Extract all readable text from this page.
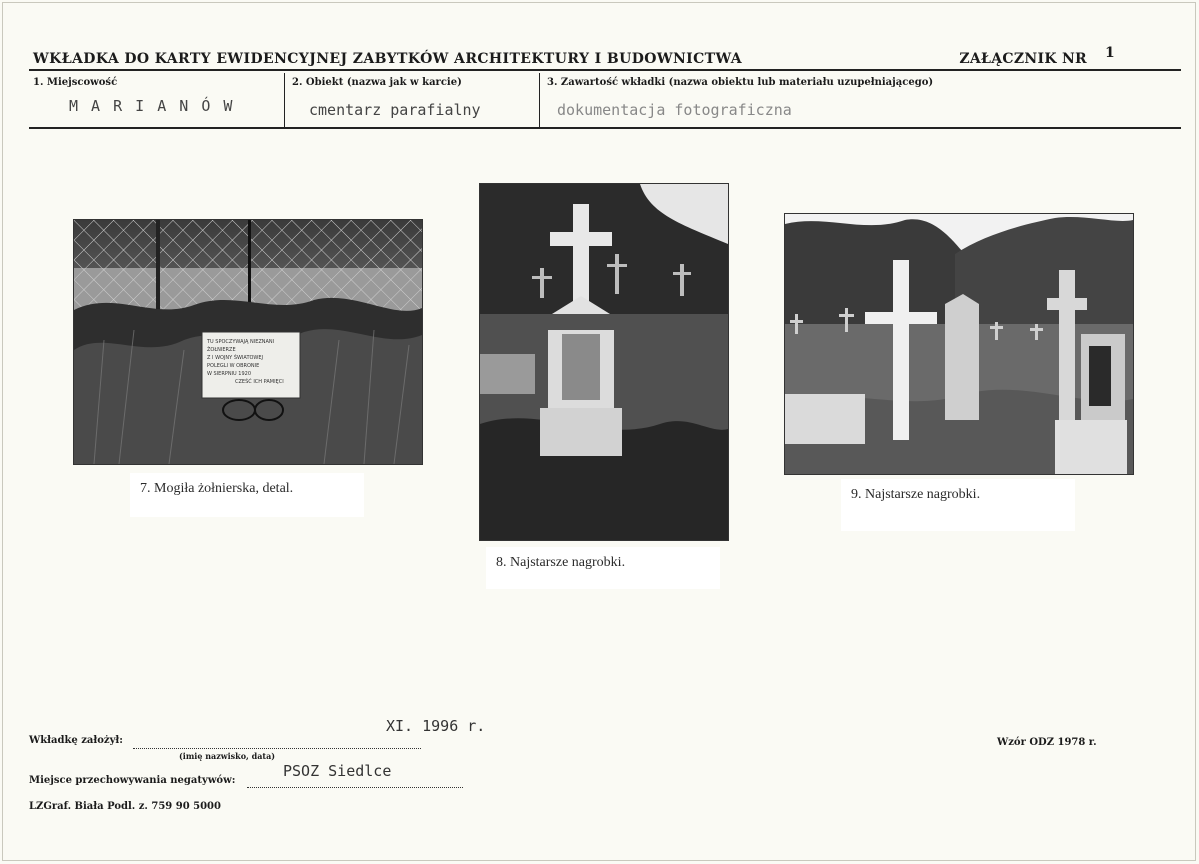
WKŁADKA DO KARTY EWIDENCYJNEJ ZABYTKÓW ARCHITEKTURY I BUDOWNICTWA	ZAŁĄCZNIK NR 1
1. Miejscowość
M A R I A N Ó W
2. Obiekt (nazwa jak w karcie)
cmentarz parafialny
3. Zawartość wkładki (nazwa obiektu lub materiału uzupełniającego)
dokumentacja fotograficzna
TU SPOCZYWAJĄ NIEZNANI ŻOŁNIERZE
Z I WOJNY ŚWIATOWEJ
POLEGLI W OBRONIE
W SIERPNIU 1920
CZEŚĆ ICH PAMIĘCI
7. Mogiła żołnierska, detal.
8. Najstarsze nagrobki.
9. Najstarsze nagrobki.
Wkładkę założył:
XI. 1996 r.
(imię nazwisko, data)
Miejsce przechowywania negatywów:
PSOZ Siedlce
LZGraf. Biała Podl. z. 759 90 5000
Wzór ODZ 1978 r.
